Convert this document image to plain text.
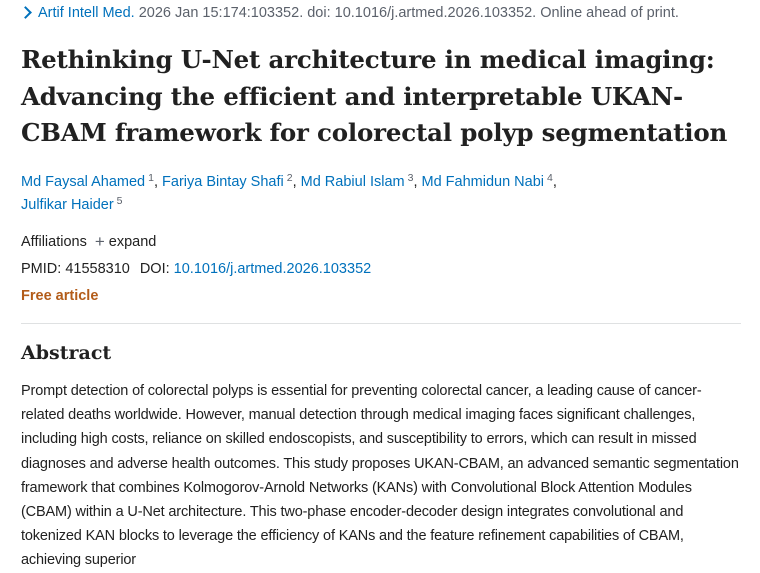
Artif Intell Med. 2026 Jan 15:174:103352. doi: 10.1016/j.artmed.2026.103352. Online ahead of print.
Rethinking U-Net architecture in medical imaging: Advancing the efficient and interpretable UKAN-CBAM framework for colorectal polyp segmentation
Md Faysal Ahamed $^1$, Fariya Bintay Shafi $^2$, Md Rabiul Islam $^3$, Md Fahmidun Nabi $^4$,
Julfikar Haider $^5$
Affiliations + expand
PMID: 41558310 DOI: 10.1016/j.artmed.2026.103352
Free article
Abstract

Prompt detection of colorectal polyps is essential for preventing colorectal cancer, a leading cause of cancer-related deaths worldwide. However, manual detection through medical imaging faces significant challenges, including high costs, reliance on skilled endoscopists, and susceptibility to errors, which can result in missed diagnoses and adverse health outcomes. This study proposes UKAN-CBAM, an advanced semantic segmentation framework that combines Kolmogorov-Arnold Networks (KANs) with Convolutional Block Attention Modules (CBAM) within a U-Net architecture. This two-phase encoder-decoder design integrates convolutional and tokenized KAN blocks to leverage the efficiency of KANs and the feature refinement capabilities of CBAM, achieving superior
